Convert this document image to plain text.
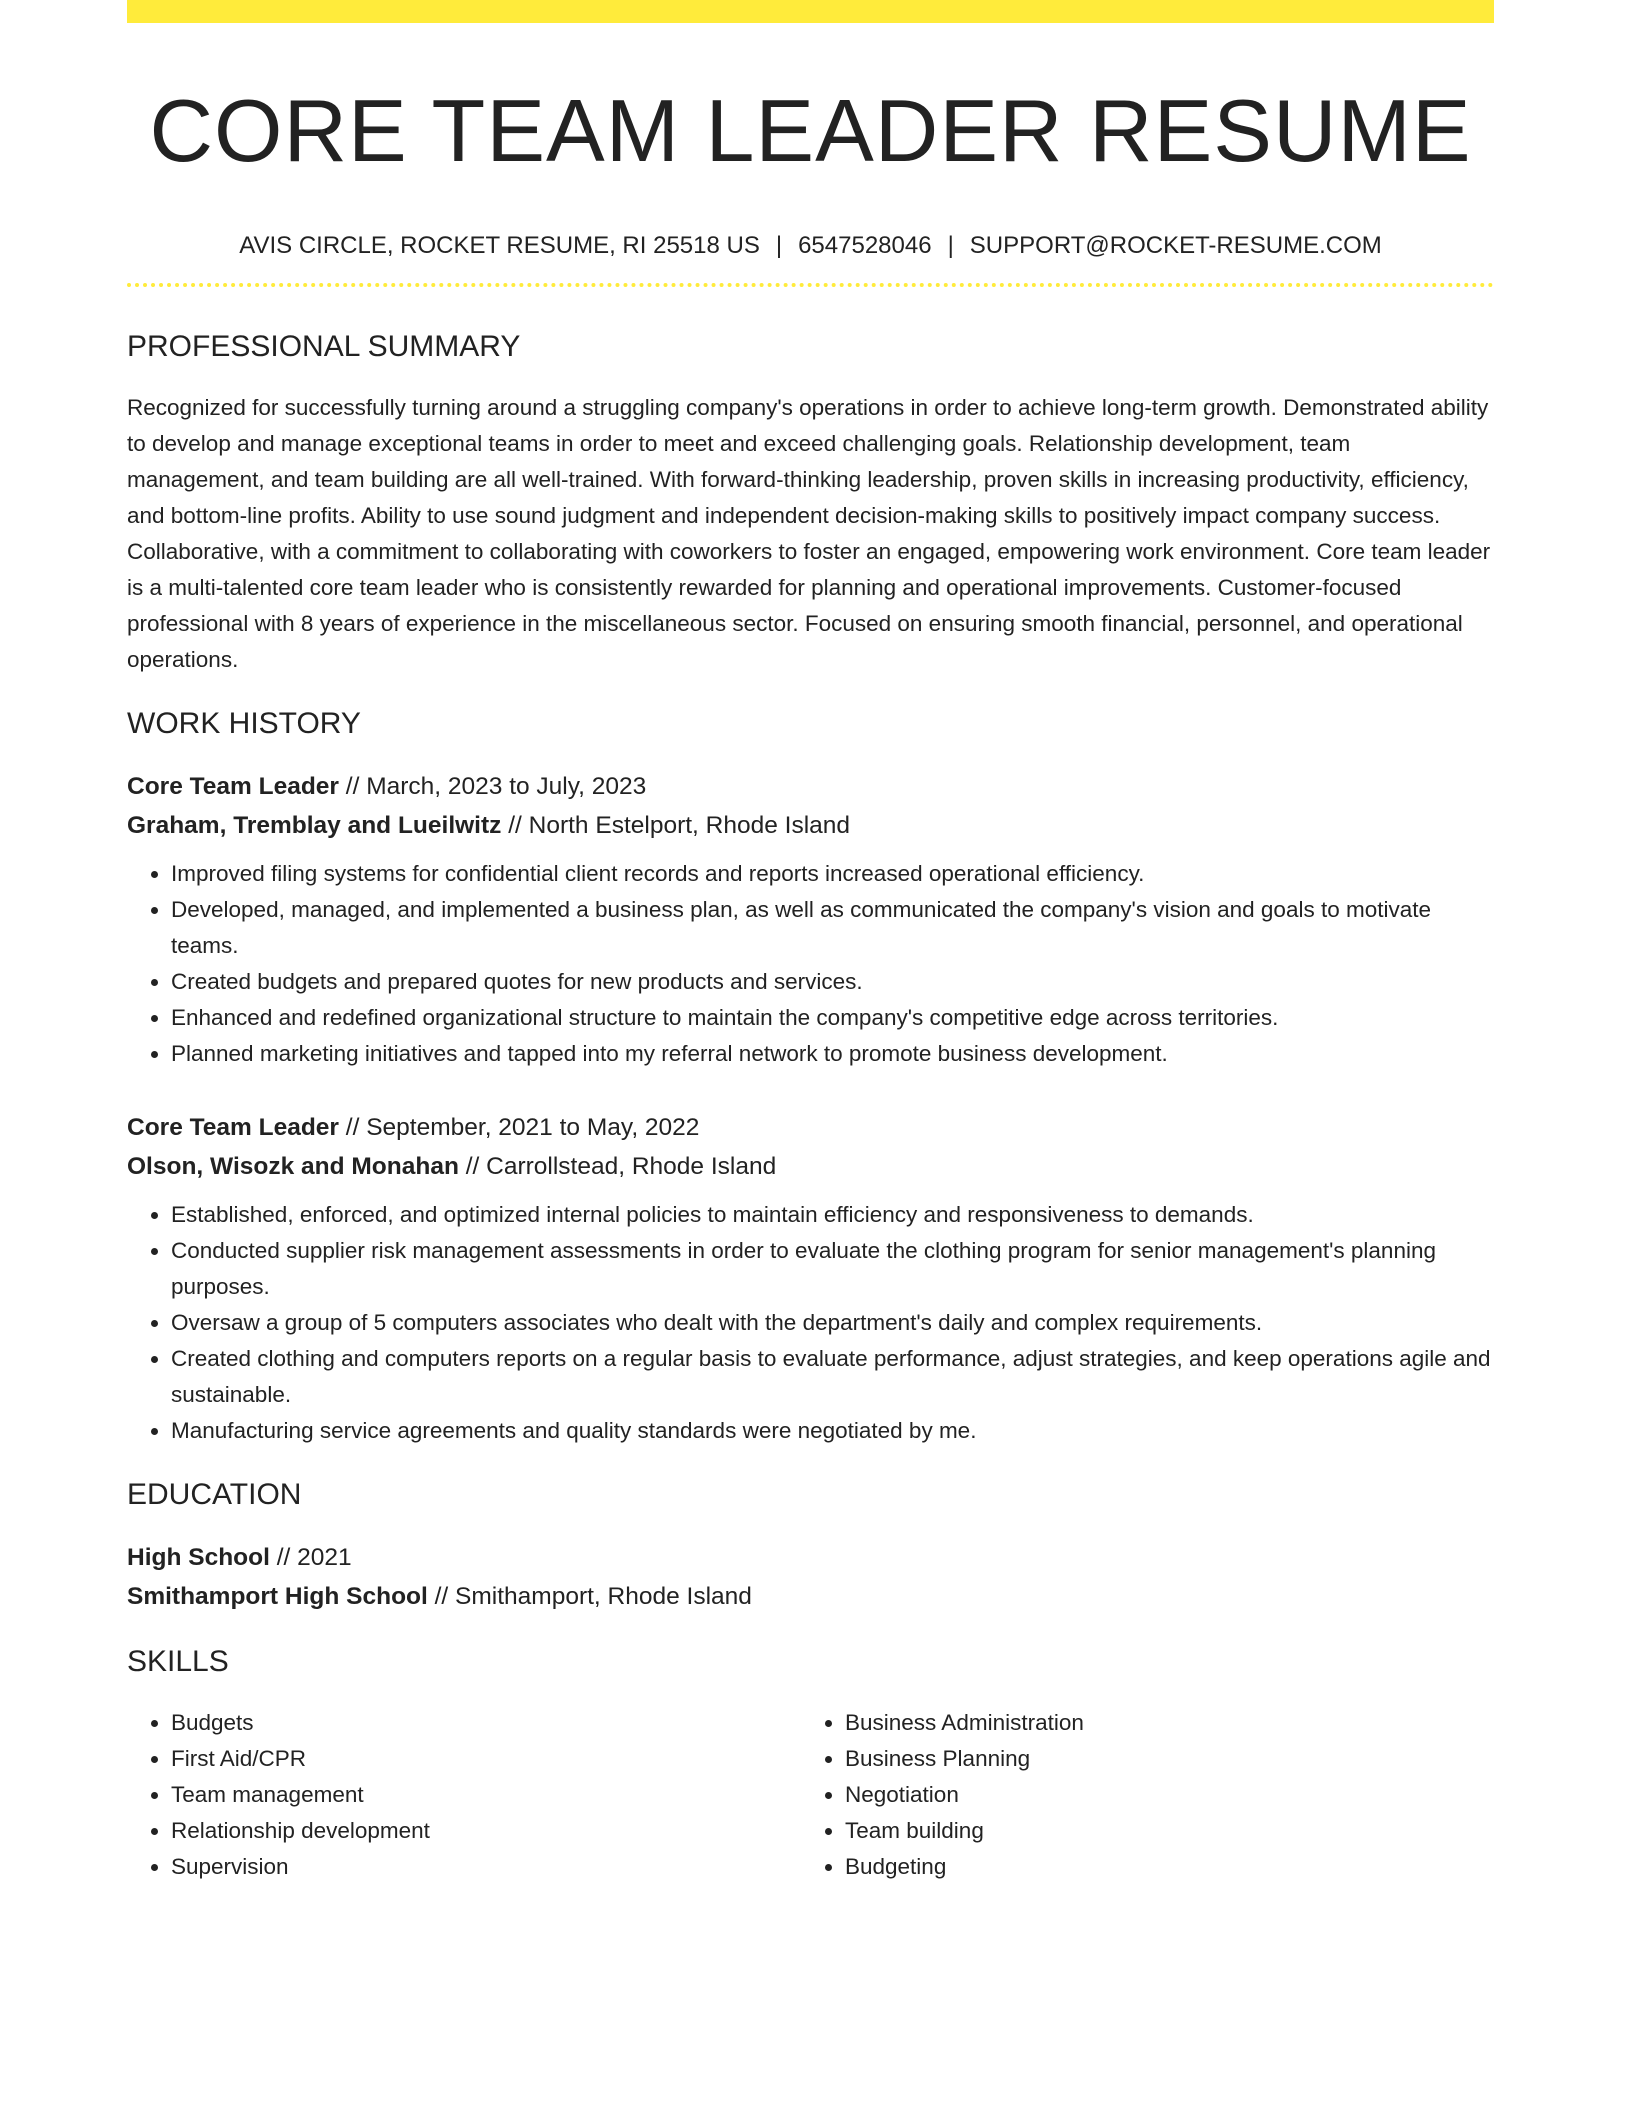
CORE TEAM LEADER RESUME
AVIS CIRCLE, ROCKET RESUME, RI 25518 US | 6547528046 | SUPPORT@ROCKET-RESUME.COM
PROFESSIONAL SUMMARY

Recognized for successfully turning around a struggling company's operations in order to achieve long-term growth. Demonstrated ability to develop and manage exceptional teams in order to meet and exceed challenging goals. Relationship development, team management, and team building are all well-trained. With forward-thinking leadership, proven skills in increasing productivity, efficiency, and bottom-line profits. Ability to use sound judgment and independent decision-making skills to positively impact company success. Collaborative, with a commitment to collaborating with coworkers to foster an engaged, empowering work environment. Core team leader is a multi-talented core team leader who is consistently rewarded for planning and operational improvements. Customer-focused professional with 8 years of experience in the miscellaneous sector. Focused on ensuring smooth financial, personnel, and operational operations.

WORK HISTORY
Core Team Leader // March, 2023 to July, 2023
Graham, Tremblay and Lueilwitz // North Estelport, Rhode Island
• Improved filing systems for confidential client records and reports increased operational efficiency.
• Developed, managed, and implemented a business plan, as well as communicated the company's vision and goals to motivate teams.
• Created budgets and prepared quotes for new products and services.
• Enhanced and redefined organizational structure to maintain the company's competitive edge across territories.
• Planned marketing initiatives and tapped into my referral network to promote business development.
Core Team Leader // September, 2021 to May, 2022
Olson, Wisozk and Monahan // Carrollstead, Rhode Island
• Established, enforced, and optimized internal policies to maintain efficiency and responsiveness to demands.
• Conducted supplier risk management assessments in order to evaluate the clothing program for senior management's planning purposes.
• Oversaw a group of 5 computers associates who dealt with the department's daily and complex requirements.
• Created clothing and computers reports on a regular basis to evaluate performance, adjust strategies, and keep operations agile and sustainable.
• Manufacturing service agreements and quality standards were negotiated by me.
EDUCATION
High School // 2021
Smithamport High School // Smithamport, Rhode Island
SKILLS
• Budgets
• First Aid/CPR
• Team management
• Relationship development
• Supervision
• Business Administration
• Business Planning
• Negotiation
• Team building
• Budgeting
